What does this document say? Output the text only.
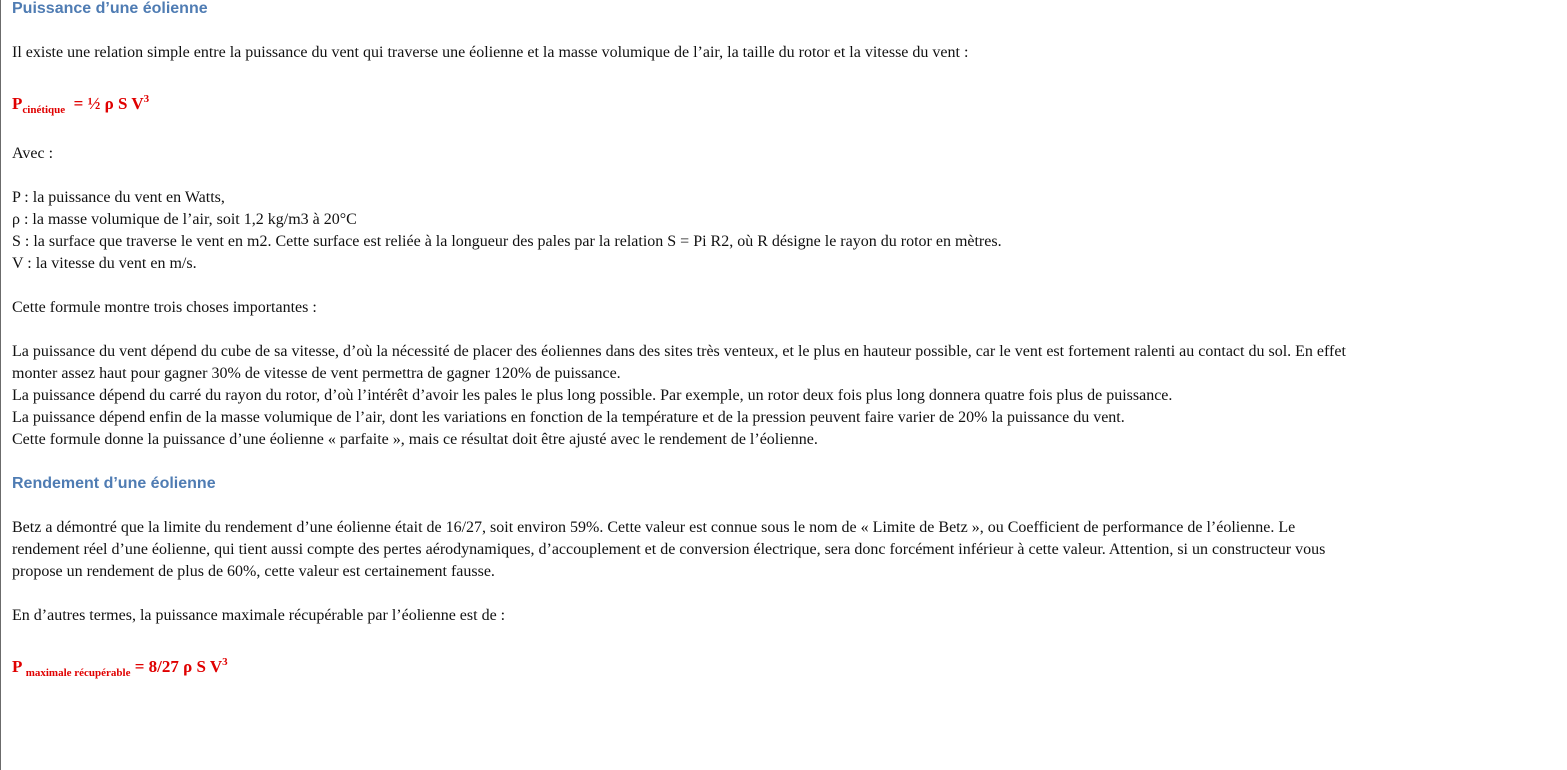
Puissance d’une éolienne

Il existe une relation simple entre la puissance du vent qui traverse une éolienne et la masse volumique de l’air, la taille du rotor et la vitesse du vent :

$P_{cinétique}$ = ½ ρ S $V^3$

Avec :

P : la puissance du vent en Watts,

ρ : la masse volumique de l’air, soit 1,2 kg/m3 à 20°C

S : la surface que traverse le vent en m2. Cette surface est reliée à la longueur des pales par la relation S = Pi R2, où R désigne le rayon du rotor en mètres.

V : la vitesse du vent en m/s.

Cette formule montre trois choses importantes :

La puissance du vent dépend du cube de sa vitesse, d’où la nécessité de placer des éoliennes dans des sites très venteux, et le plus en hauteur possible, car le vent est fortement ralenti au contact du sol. En effet

monter assez haut pour gagner 30% de vitesse de vent permettra de gagner 120% de puissance.

La puissance dépend du carré du rayon du rotor, d’où l’intérêt d’avoir les pales le plus long possible. Par exemple, un rotor deux fois plus long donnera quatre fois plus de puissance.

La puissance dépend enfin de la masse volumique de l’air, dont les variations en fonction de la température et de la pression peuvent faire varier de 20% la puissance du vent.

Cette formule donne la puissance d’une éolienne « parfaite », mais ce résultat doit être ajusté avec le rendement de l’éolienne.

Rendement d’une éolienne

Betz a démontré que la limite du rendement d’une éolienne était de 16/27, soit environ 59%. Cette valeur est connue sous le nom de « Limite de Betz », ou Coefficient de performance de l’éolienne. Le

rendement réel d’une éolienne, qui tient aussi compte des pertes aérodynamiques, d’accouplement et de conversion électrique, sera donc forcément inférieur à cette valeur. Attention, si un constructeur vous

propose un rendement de plus de 60%, cette valeur est certainement fausse.

En d’autres termes, la puissance maximale récupérable par l’éolienne est de :

P $_{maximale récupérable}$ = 8/27 ρ S $V^3$
